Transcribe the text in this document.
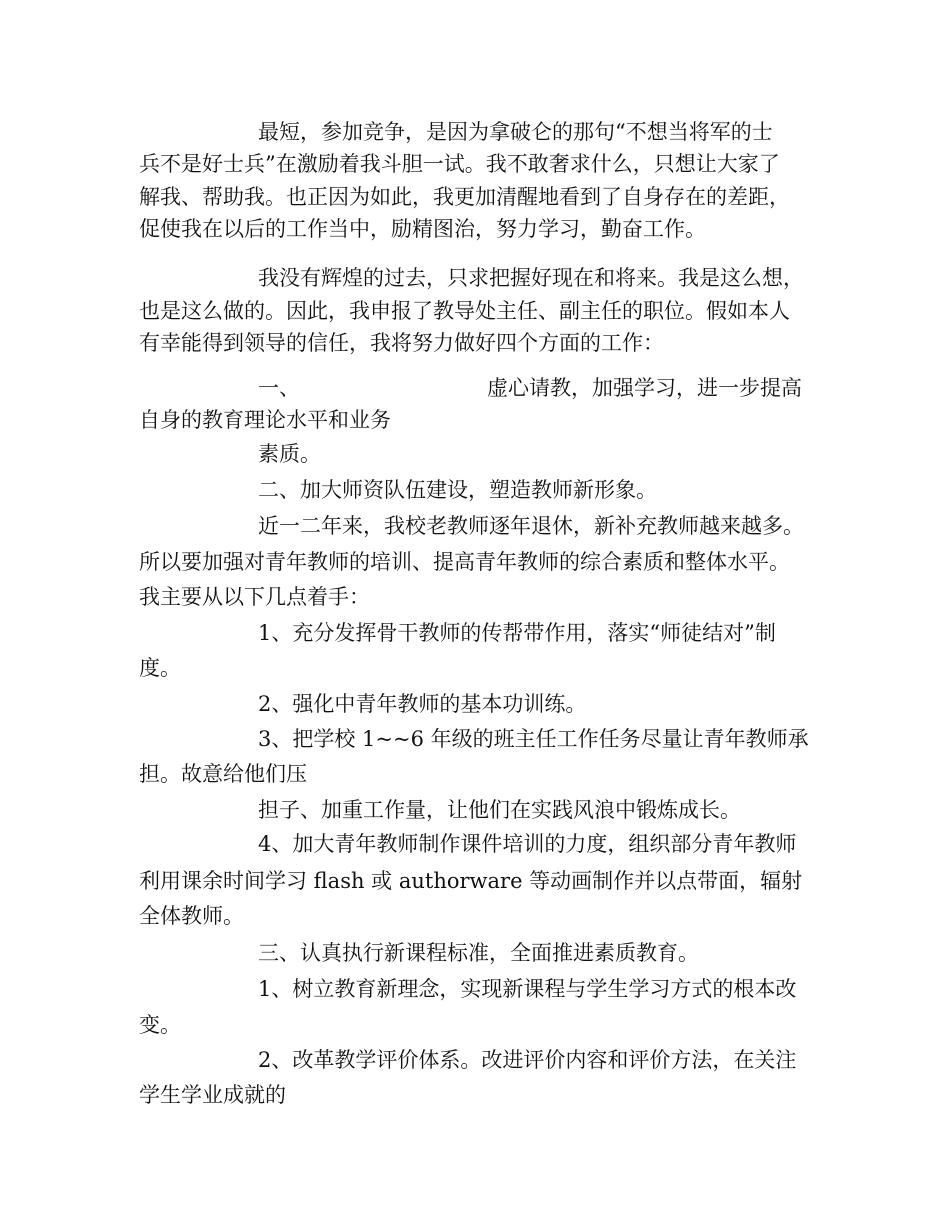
最短，参加竞争，是因为拿破仑的那句“不想当将军的士
兵不是好士兵”在激励着我斗胆一试。我不敢奢求什么，只想让大家了
解我、帮助我。也正因为如此，我更加清醒地看到了自身存在的差距，
促使我在以后的工作当中，励精图治，努力学习，勤奋工作。
我没有辉煌的过去，只求把握好现在和将来。我是这么想，
也是这么做的。因此，我申报了教导处主任、副主任的职位。假如本人
有幸能得到领导的信任，我将努力做好四个方面的工作：
一、	虚心请教，加强学习，进一步提高
自身的教育理论水平和业务
素质。
二、加大师资队伍建设，塑造教师新形象。
近一二年来，我校老教师逐年退休，新补充教师越来越多。
所以要加强对青年教师的培训、提高青年教师的综合素质和整体水平。
我主要从以下几点着手：
1、充分发挥骨干教师的传帮带作用，落实“师徒结对”制
度。
2、强化中青年教师的基本功训练。
3、把学校 1~~6 年级的班主任工作任务尽量让青年教师承
担。故意给他们压
担子、加重工作量，让他们在实践风浪中锻炼成长。
4、加大青年教师制作课件培训的力度，组织部分青年教师
利用课余时间学习 flash 或 authorware 等动画制作并以点带面，辐射
全体教师。
三、认真执行新课程标准，全面推进素质教育。
1、树立教育新理念，实现新课程与学生学习方式的根本改
变。
2、改革教学评价体系。改进评价内容和评价方法，在关注
学生学业成就的
